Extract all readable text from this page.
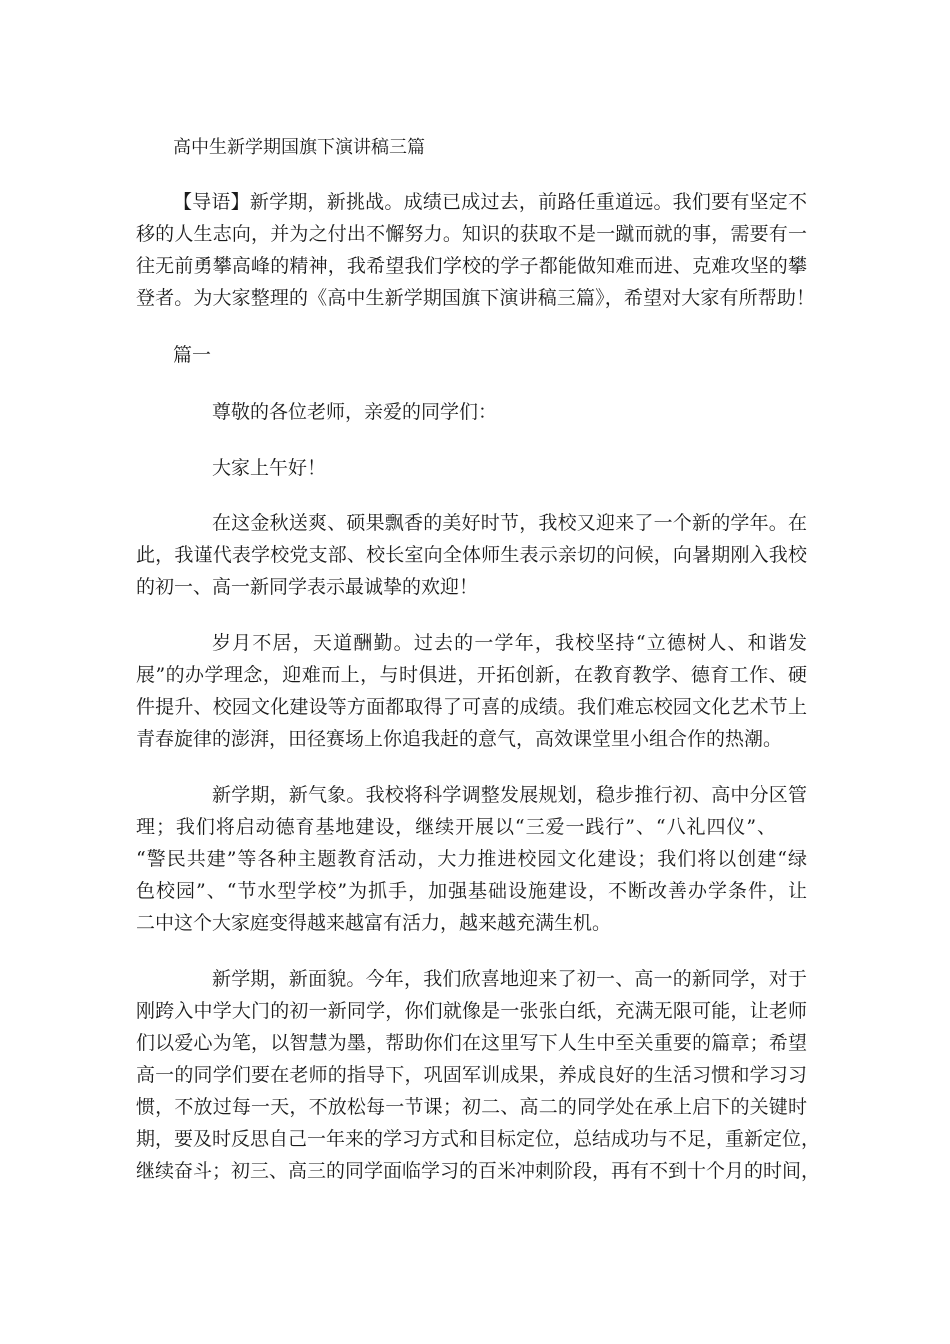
高中生新学期国旗下演讲稿三篇
【导语】新学期，新挑战。成绩已成过去，前路任重道远。我们要有坚定不
移的人生志向，并为之付出不懈努力。知识的获取不是一蹴而就的事，需要有一
往无前勇攀高峰的精神，我希望我们学校的学子都能做知难而进、克难攻坚的攀
登者。为大家整理的《高中生新学期国旗下演讲稿三篇》，希望对大家有所帮助！
篇一
尊敬的各位老师，亲爱的同学们：
大家上午好！
在这金秋送爽、硕果飘香的美好时节，我校又迎来了一个新的学年。在
此，我谨代表学校党支部、校长室向全体师生表示亲切的问候，向暑期刚入我校
的初一、高一新同学表示最诚挚的欢迎！
岁月不居，天道酬勤。过去的一学年，我校坚持“立德树人、和谐发
展”的办学理念，迎难而上，与时俱进，开拓创新，在教育教学、德育工作、硬
件提升、校园文化建设等方面都取得了可喜的成绩。我们难忘校园文化艺术节上
青春旋律的澎湃，田径赛场上你追我赶的意气，高效课堂里小组合作的热潮。
新学期，新气象。我校将科学调整发展规划，稳步推行初、高中分区管
理；我们将启动德育基地建设，继续开展以“三爱一践行”、“八礼四仪”、
“警民共建”等各种主题教育活动，大力推进校园文化建设；我们将以创建“绿
色校园”、“节水型学校”为抓手，加强基础设施建设，不断改善办学条件，让
二中这个大家庭变得越来越富有活力，越来越充满生机。
新学期，新面貌。今年，我们欣喜地迎来了初一、高一的新同学，对于
刚跨入中学大门的初一新同学，你们就像是一张张白纸，充满无限可能，让老师
们以爱心为笔，以智慧为墨，帮助你们在这里写下人生中至关重要的篇章；希望
高一的同学们要在老师的指导下，巩固军训成果，养成良好的生活习惯和学习习
惯，不放过每一天，不放松每一节课；初二、高二的同学处在承上启下的关键时
期，要及时反思自己一年来的学习方式和目标定位，总结成功与不足，重新定位，
继续奋斗；初三、高三的同学面临学习的百米冲刺阶段，再有不到十个月的时间，
